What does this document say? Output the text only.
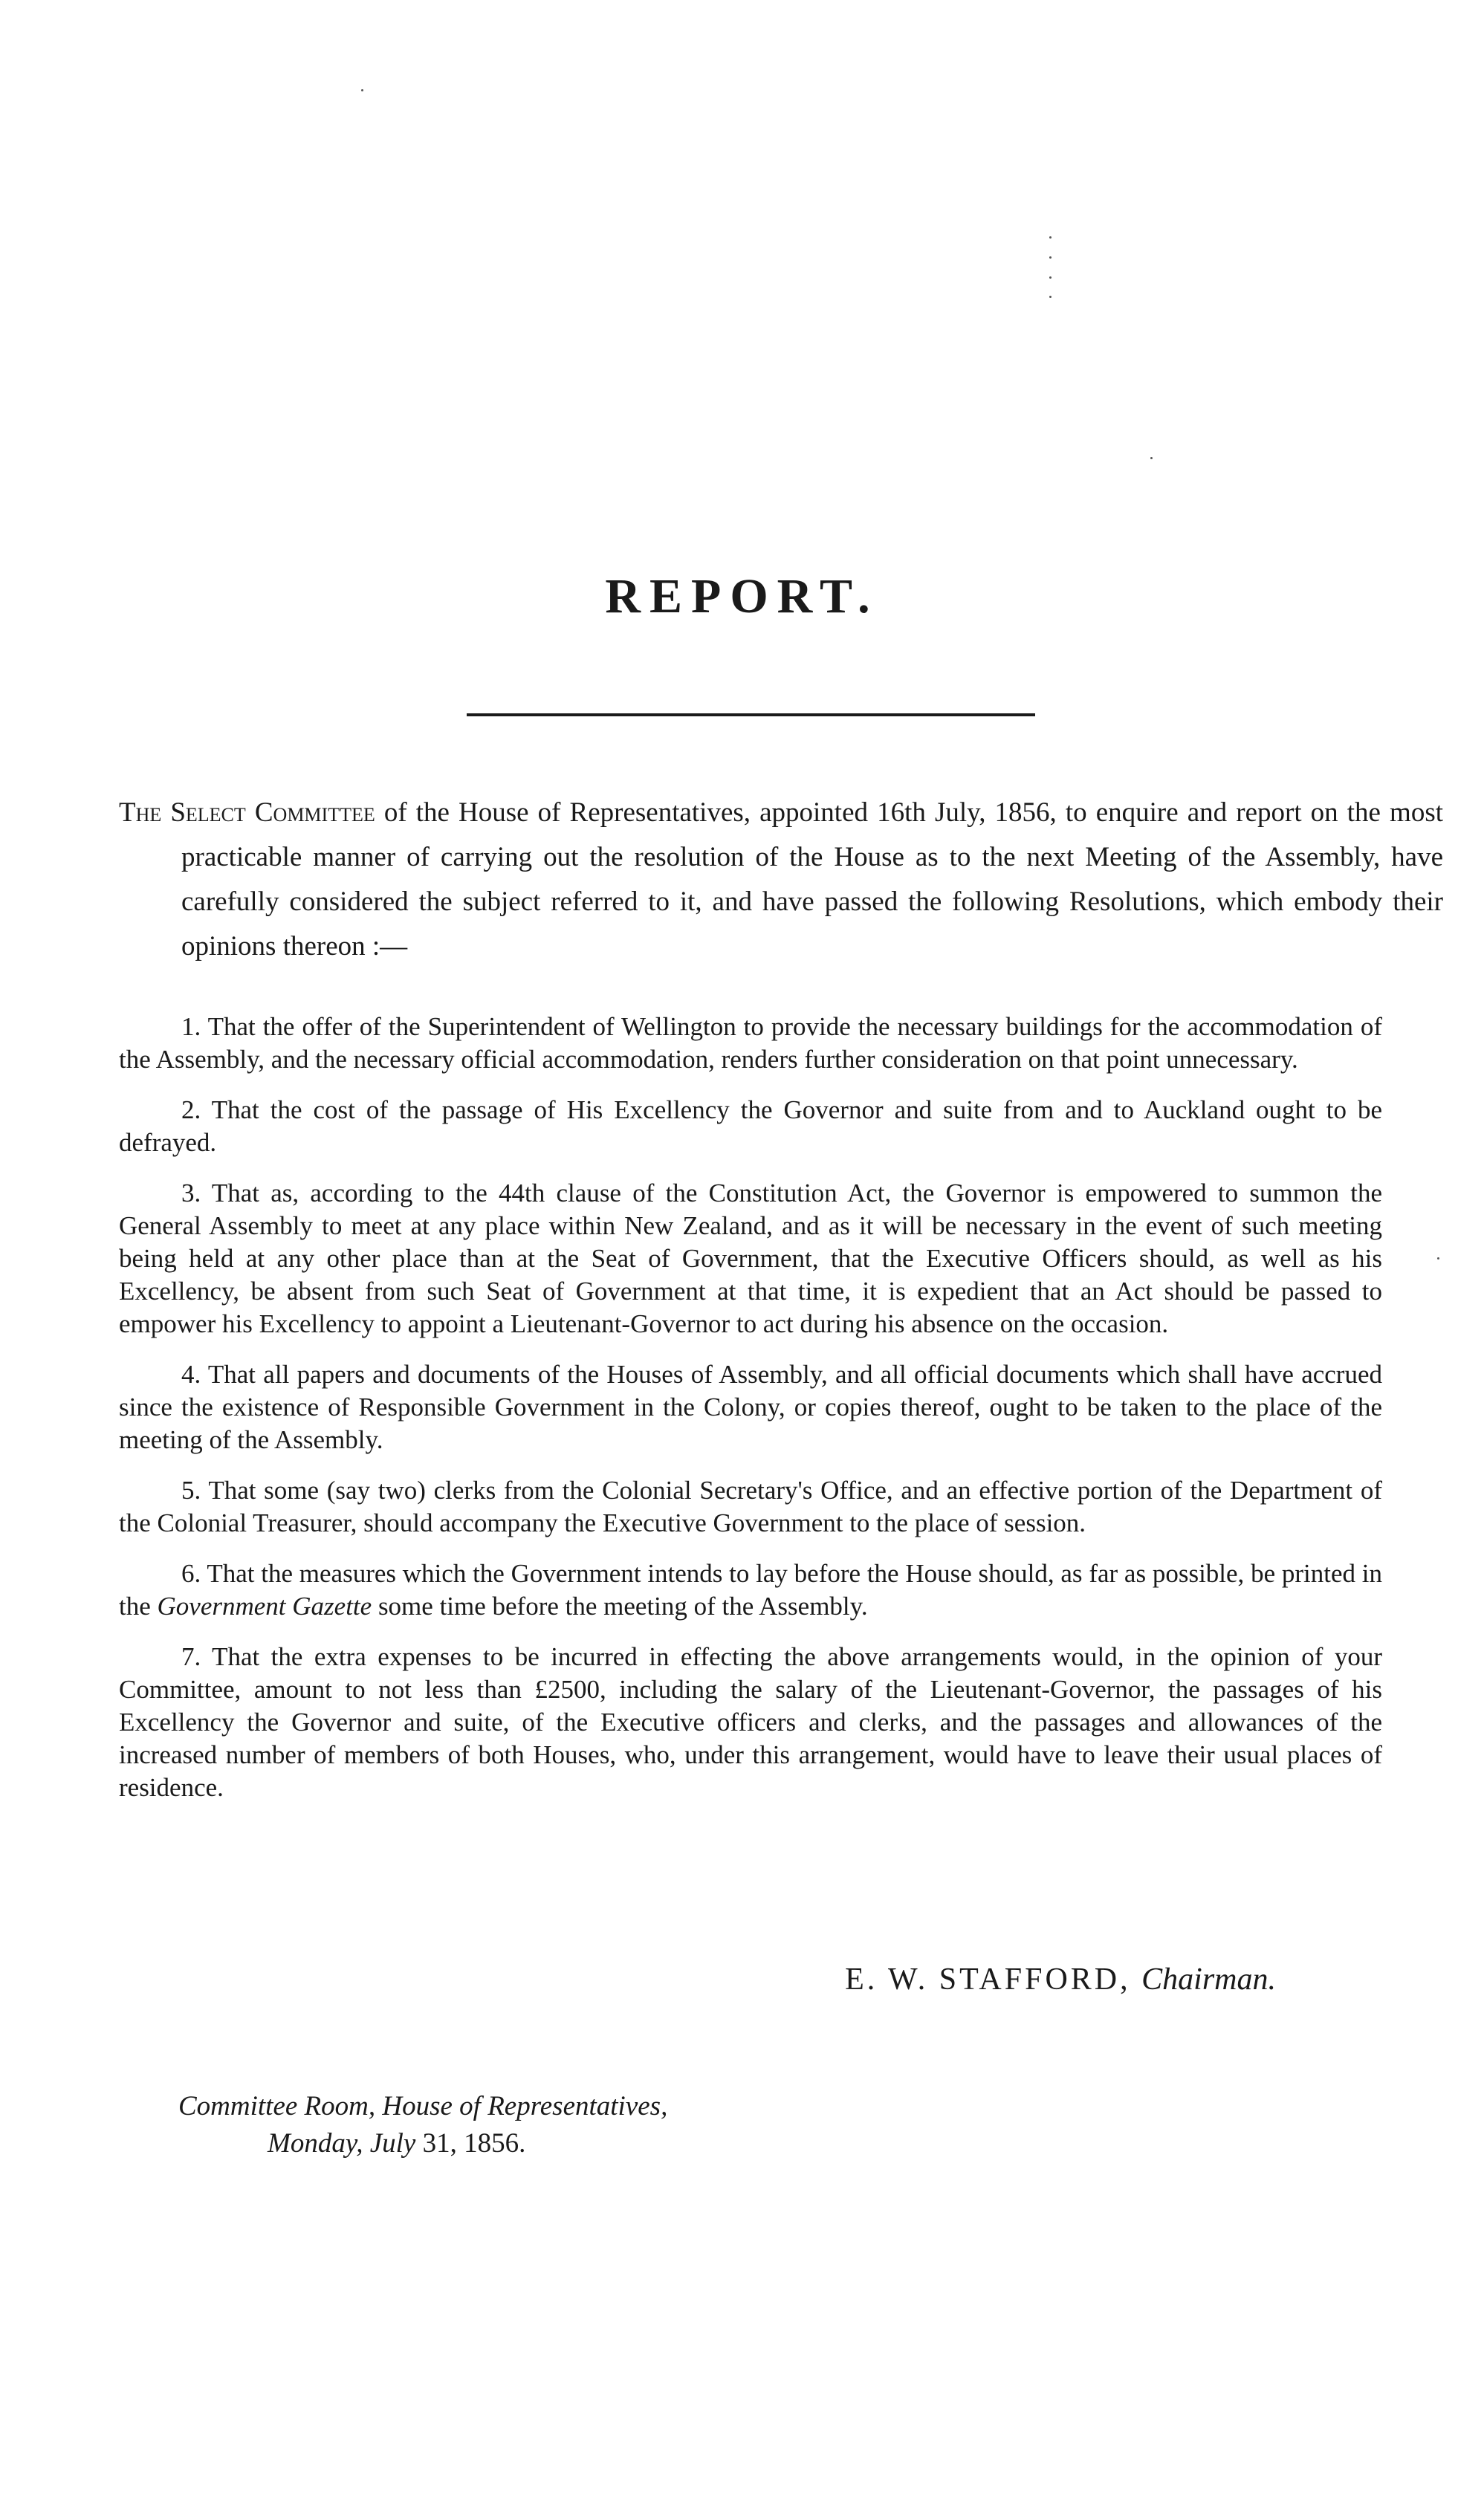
REPORT.
The Select Committee of the House of Representatives, appointed 16th July, 1856, to enquire and report on the most practicable manner of carrying out the resolution of the House as to the next Meeting of the Assembly, have carefully considered the subject referred to it, and have passed the following Resolutions, which embody their opinions thereon :—

1. That the offer of the Superintendent of Wellington to provide the necessary buildings for the accommodation of the Assembly, and the necessary official accommodation, renders further consideration on that point unnecessary.

2. That the cost of the passage of His Excellency the Governor and suite from and to Auckland ought to be defrayed.

3. That as, according to the 44th clause of the Constitution Act, the Governor is empowered to summon the General Assembly to meet at any place within New Zealand, and as it will be necessary in the event of such meeting being held at any other place than at the Seat of Government, that the Executive Officers should, as well as his Excellency, be absent from such Seat of Government at that time, it is expedient that an Act should be passed to empower his Excellency to appoint a Lieutenant-Governor to act during his absence on the occasion.

4. That all papers and documents of the Houses of Assembly, and all official documents which shall have accrued since the existence of Responsible Government in the Colony, or copies thereof, ought to be taken to the place of the meeting of the Assembly.

5. That some (say two) clerks from the Colonial Secretary's Office, and an effective portion of the Department of the Colonial Treasurer, should accompany the Executive Government to the place of session.

6. That the measures which the Government intends to lay before the House should, as far as possible, be printed in the Government Gazette some time before the meeting of the Assembly.

7. That the extra expenses to be incurred in effecting the above arrangements would, in the opinion of your Committee, amount to not less than £2500, including the salary of the Lieutenant-Governor, the passages of his Excellency the Governor and suite, of the Executive officers and clerks, and the passages and allowances of the increased number of members of both Houses, who, under this arrangement, would have to leave their usual places of residence.

E. W. STAFFORD, Chairman.
Committee Room, House of Representatives,
Monday, July 31, 1856.
